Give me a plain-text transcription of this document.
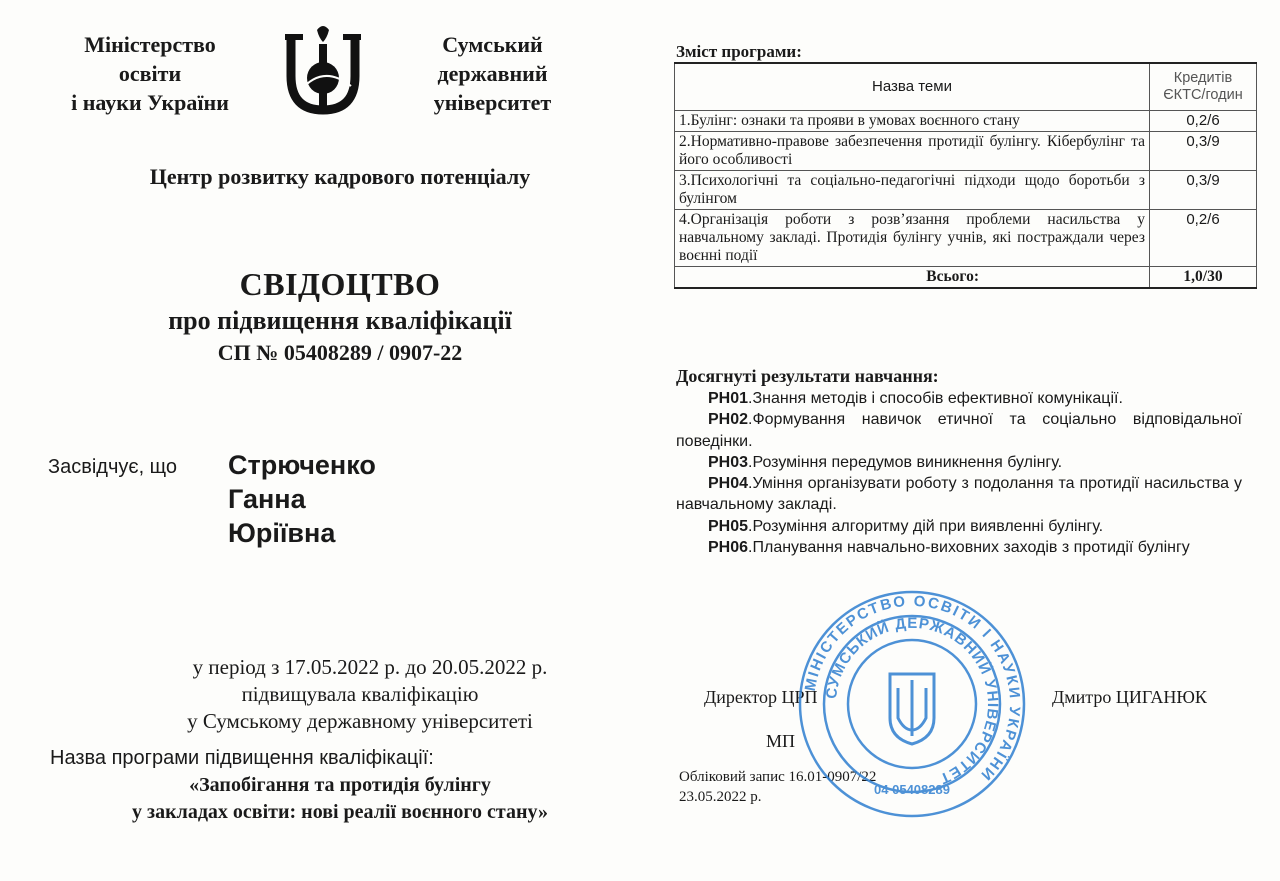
Міністерство
освіти
і науки України
Сумський
державний
університет
Центр розвитку кадрового потенціалу
СВІДОЦТВО
про підвищення кваліфікації
СП № 05408289 / 0907-22
Засвідчує, що Стрюченко
Ганна
Юріївна
у період з 17.05.2022 р. до 20.05.2022 р.
підвищувала кваліфікацію
у Сумському державному університеті
Назва програми підвищення кваліфікації:
«Запобігання та протидія булінгу
у закладах освіти: нові реалії воєнного стану»
Зміст програми:
Назва теми	Кредитів
ЄКТС/годин

1.Булінг: ознаки та прояви в умовах воєнного стану	0,2/6
2.Нормативно-правове забезпечення протидії булінгу. Кібербулінг та його особливості	0,3/9
3.Психологічні та соціально-педагогічні підходи щодо боротьби з булінгом	0,3/9
4.Організація роботи з розв’язання проблеми насильства у навчальному закладі. Протидія булінгу учнів, які постраждали через воєнні події	0,2/6
Всього:	1,0/30
Досягнуті результати навчання:
РН01.Знання методів і способів ефективної комунікації.
РН02.Формування навичок етичної та соціально відповідальної поведінки.
РН03.Розуміння передумов виникнення булінгу.
РН04.Уміння організувати роботу з подолання та протидії насильства у навчальному закладі.
РН05.Розуміння алгоритму дій при виявленні булінгу.
РН06.Планування навчально-виховних заходів з протидії булінгу
Директор ЦРП	Дмитро ЦИГАНЮК
МП
Обліковий запис 16.01-0907/22
23.05.2022 р.
МІНІСТЕРСТВО ОСВІТИ І НАУКИ УКРАЇНИ
СУМСЬКИЙ ДЕРЖАВНИЙ УНІВЕРСИТЕТ
04 05408289
